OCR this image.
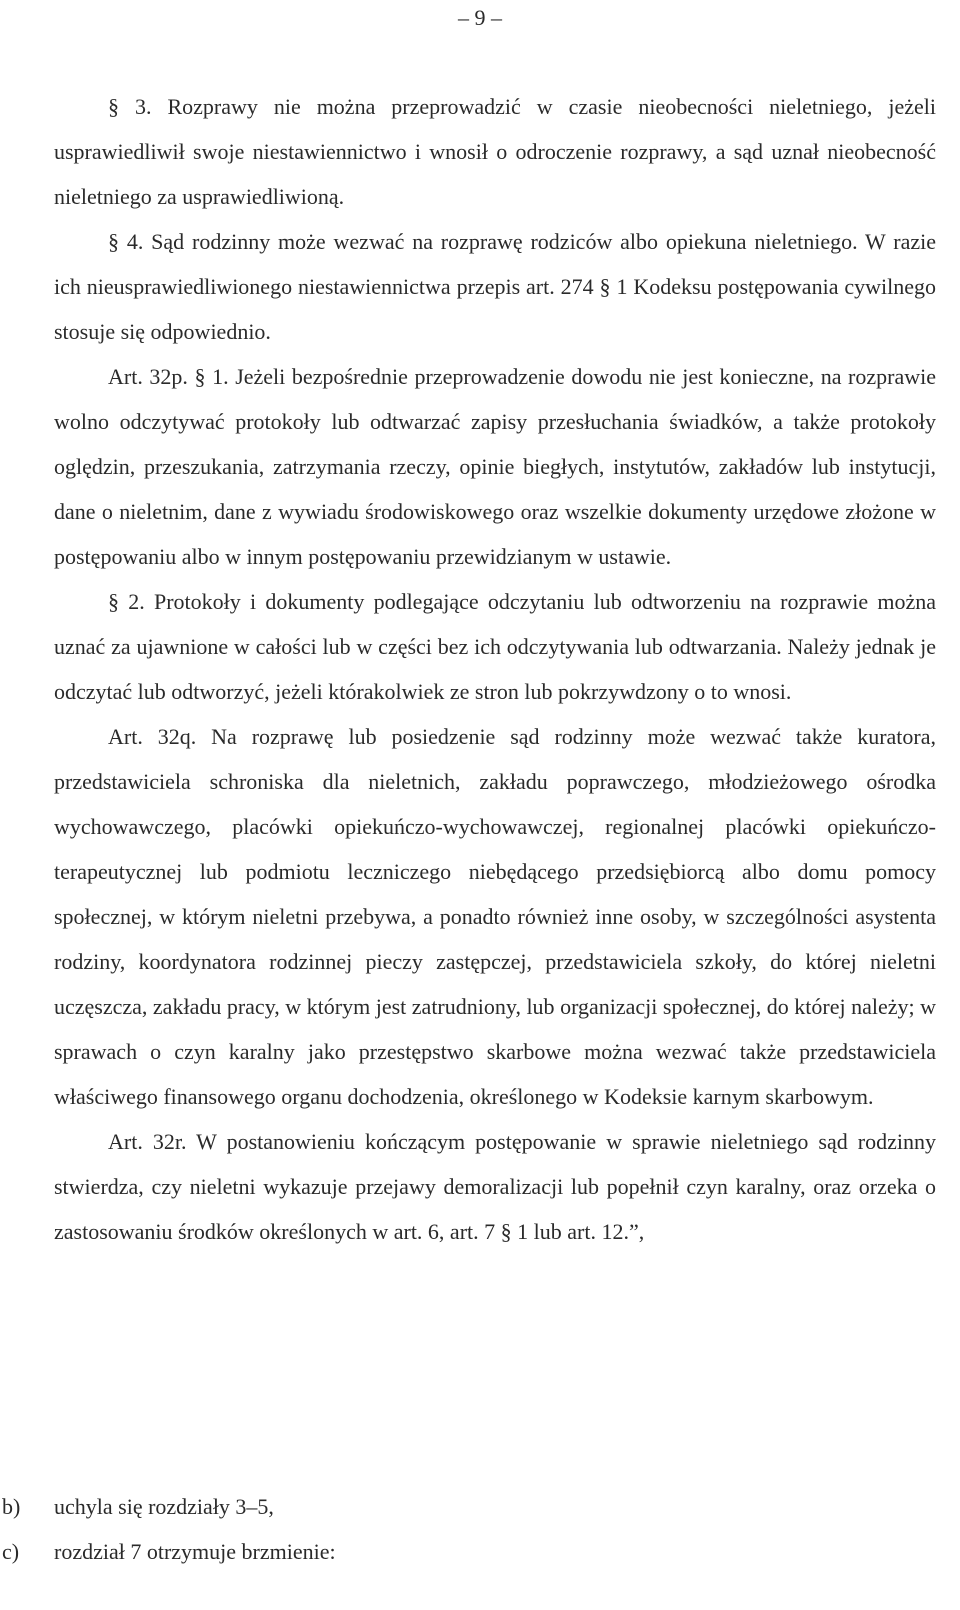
– 9 –

§ 3. Rozprawy nie można przeprowadzić w czasie nieobecności nieletniego, jeżeli usprawiedliwił swoje niestawiennictwo i wnosił o odroczenie rozprawy, a sąd uznał nieobecność nieletniego za usprawiedliwioną.

§ 4. Sąd rodzinny może wezwać na rozprawę rodziców albo opiekuna nieletniego. W razie ich nieusprawiedliwionego niestawiennictwa przepis art. 274 § 1 Kodeksu postępowania cywilnego stosuje się odpowiednio.

Art. 32p. § 1. Jeżeli bezpośrednie przeprowadzenie dowodu nie jest konieczne, na rozprawie wolno odczytywać protokoły lub odtwarzać zapisy przesłuchania świadków, a także protokoły oględzin, przeszukania, zatrzymania rzeczy, opinie biegłych, instytutów, zakładów lub instytucji, dane o nieletnim, dane z wywiadu środowiskowego oraz wszelkie dokumenty urzędowe złożone w postępowaniu albo w innym postępowaniu przewidzianym w ustawie.

§ 2. Protokoły i dokumenty podlegające odczytaniu lub odtworzeniu na rozprawie można uznać za ujawnione w całości lub w części bez ich odczytywania lub odtwarzania. Należy jednak je odczytać lub odtworzyć, jeżeli którakolwiek ze stron lub pokrzywdzony o to wnosi.

Art. 32q. Na rozprawę lub posiedzenie sąd rodzinny może wezwać także kuratora, przedstawiciela schroniska dla nieletnich, zakładu poprawczego, młodzieżowego ośrodka wychowawczego, placówki opiekuńczo-wychowawczej, regionalnej placówki opiekuńczo-terapeutycznej lub podmiotu leczniczego niebędącego przedsiębiorcą albo domu pomocy społecznej, w którym nieletni przebywa, a ponadto również inne osoby, w szczególności asystenta rodziny, koordynatora rodzinnej pieczy zastępczej, przedstawiciela szkoły, do której nieletni uczęszcza, zakładu pracy, w którym jest zatrudniony, lub organizacji społecznej, do której należy; w sprawach o czyn karalny jako przestępstwo skarbowe można wezwać także przedstawiciela właściwego finansowego organu dochodzenia, określonego w Kodeksie karnym skarbowym.

Art. 32r. W postanowieniu kończącym postępowanie w sprawie nieletniego sąd rodzinny stwierdza, czy nieletni wykazuje przejawy demoralizacji lub popełnił czyn karalny, oraz orzeka o zastosowaniu środków określonych w art. 6, art. 7 § 1 lub art. 12.”,

b) uchyla się rozdziały 3–5,
c) rozdział 7 otrzymuje brzmienie:
